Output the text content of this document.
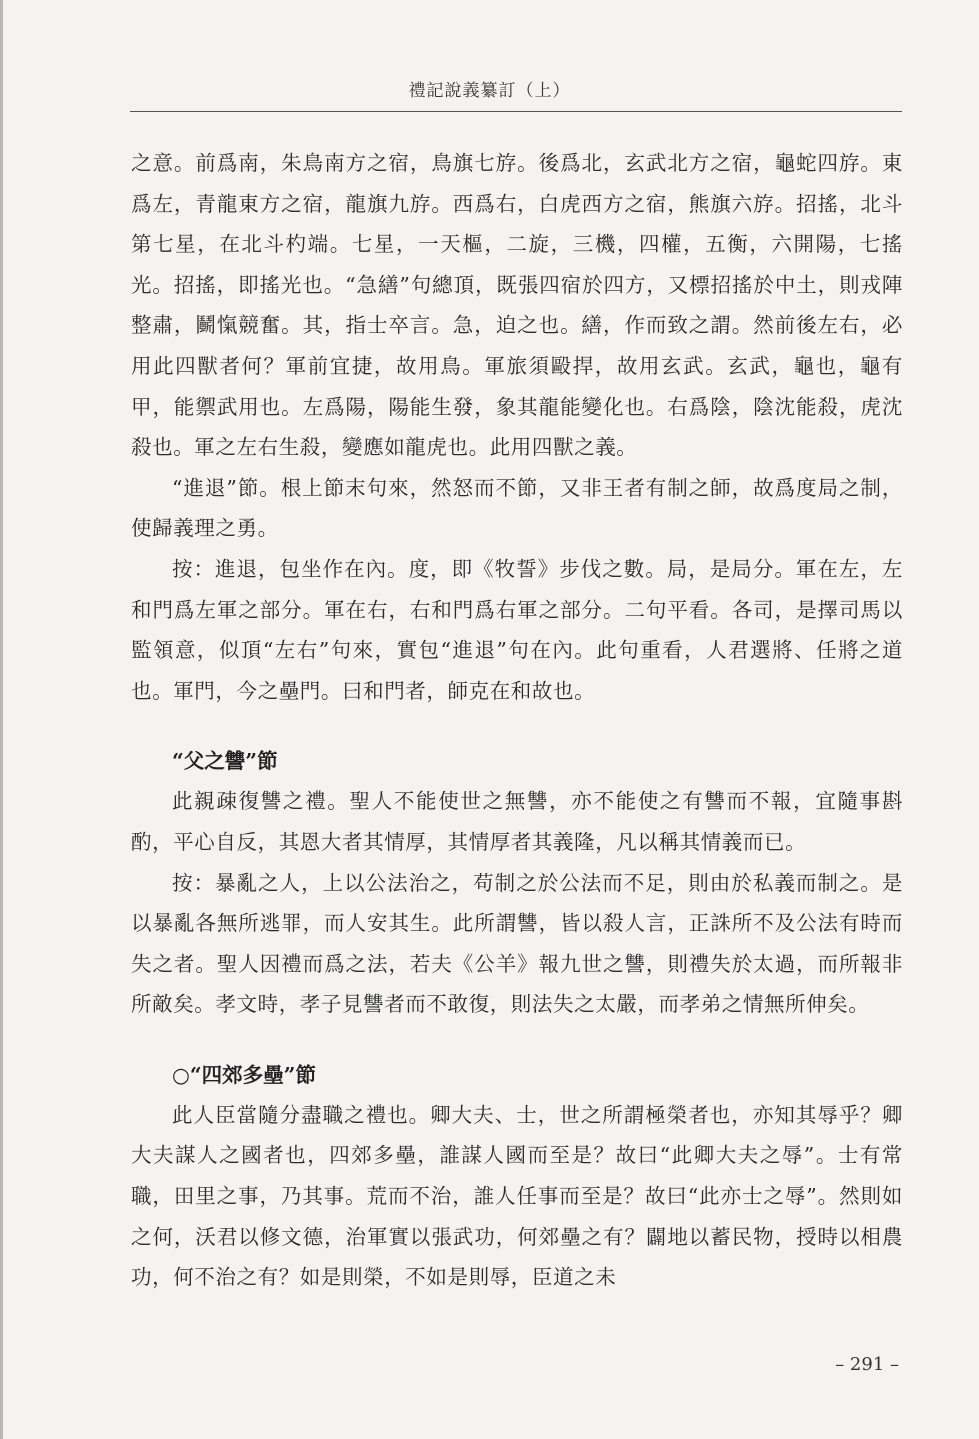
禮記說義纂訂（上）

之意。前爲南，朱鳥南方之宿，鳥旗七斿。後爲北，玄武北方之宿，龜蛇四斿。東爲左，青龍東方之宿，龍旗九斿。西爲右，白虎西方之宿，熊旗六斿。招搖，北斗第七星，在北斗杓端。七星，一天樞，二旋，三機，四權，五衡，六開陽，七搖光。招搖，即搖光也。“急繕”句總頂，既張四宿於四方，又標招搖於中土，則戎陣整肅，鬭愾競奮。其，指士卒言。急，迫之也。繕，作而致之謂。然前後左右，必用此四獸者何？軍前宜捷，故用鳥。軍旅須毆捍，故用玄武。玄武，龜也，龜有甲，能禦武用也。左爲陽，陽能生發，象其龍能變化也。右爲陰，陰沈能殺，虎沈殺也。軍之左右生殺，變應如龍虎也。此用四獸之義。

“進退”節。根上節末句來，然怒而不節，又非王者有制之師，故爲度局之制，使歸義理之勇。

按：進退，包坐作在內。度，即《牧誓》步伐之數。局，是局分。軍在左，左和門爲左軍之部分。軍在右，右和門爲右軍之部分。二句平看。各司，是擇司馬以監領意，似頂“左右”句來，實包“進退”句在內。此句重看，人君選將、任將之道也。軍門，今之壘門。曰和門者，師克在和故也。

“父之讐”節

此親疎復讐之禮。聖人不能使世之無讐，亦不能使之有讐而不報，宜隨事斟酌，平心自反，其恩大者其情厚，其情厚者其義隆，凡以稱其情義而已。

按：暴亂之人，上以公法治之，苟制之於公法而不足，則由於私義而制之。是以暴亂各無所逃罪，而人安其生。此所謂讐，皆以殺人言，正誅所不及公法有時而失之者。聖人因禮而爲之法，若夫《公羊》報九世之讐，則禮失於太過，而所報非所敵矣。孝文時，孝子見讐者而不敢復，則法失之太嚴，而孝弟之情無所伸矣。

○“四郊多壘”節

此人臣當隨分盡職之禮也。卿大夫、士，世之所謂極榮者也，亦知其辱乎？卿大夫謀人之國者也，四郊多壘，誰謀人國而至是？故曰“此卿大夫之辱”。士有常職，田里之事，乃其事。荒而不治，誰人任事而至是？故曰“此亦士之辱”。然則如之何，沃君以修文德，治軍實以張武功，何郊壘之有？闢地以蓄民物，授時以相農功，何不治之有？如是則榮，不如是則辱，臣道之未

– 291 –
